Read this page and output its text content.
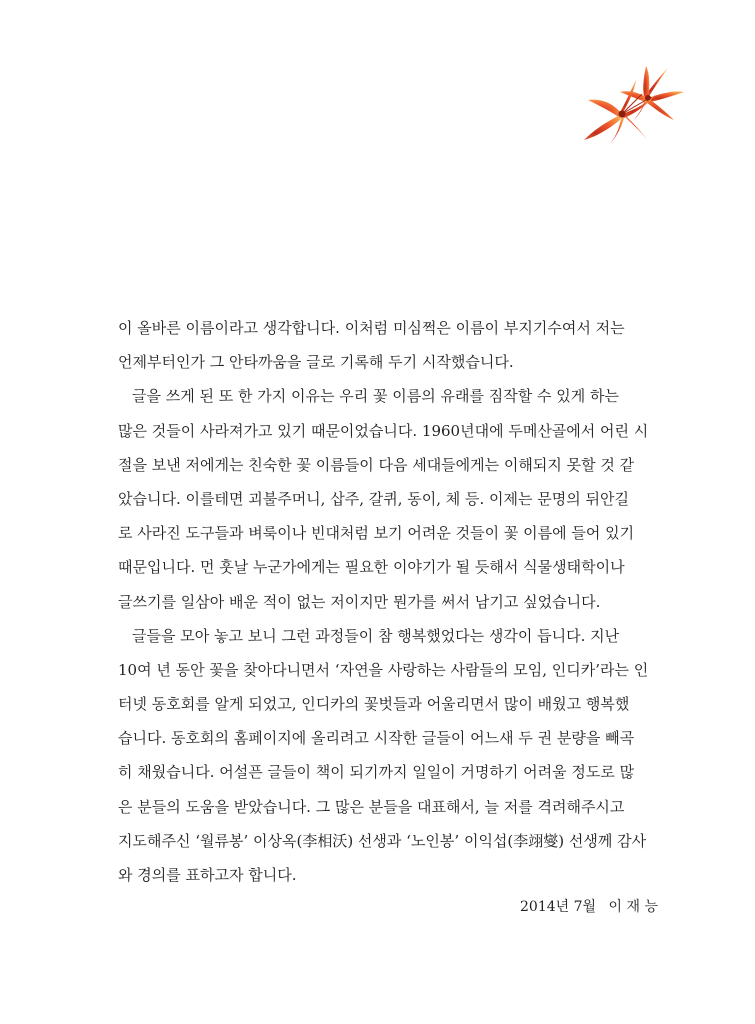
이 올바른 이름이라고 생각합니다. 이처럼 미심쩍은 이름이 부지기수여서 저는
언제부터인가 그 안타까움을 글로 기록해 두기 시작했습니다.
글을 쓰게 된 또 한 가지 이유는 우리 꽃 이름의 유래를 짐작할 수 있게 하는
많은 것들이 사라져가고 있기 때문이었습니다. 1960년대에 두메산골에서 어린 시
절을 보낸 저에게는 친숙한 꽃 이름들이 다음 세대들에게는 이해되지 못할 것 같
았습니다. 이를테면 괴불주머니, 삽주, 갈퀴, 동이, 체 등. 이제는 문명의 뒤안길
로 사라진 도구들과 벼룩이나 빈대처럼 보기 어려운 것들이 꽃 이름에 들어 있기
때문입니다. 먼 훗날 누군가에게는 필요한 이야기가 될 듯해서 식물생태학이나
글쓰기를 일삼아 배운 적이 없는 저이지만 뭔가를 써서 남기고 싶었습니다.
글들을 모아 놓고 보니 그런 과정들이 참 행복했었다는 생각이 듭니다. 지난
10여 년 동안 꽃을 찾아다니면서 ‘자연을 사랑하는 사람들의 모임, 인디카’라는 인
터넷 동호회를 알게 되었고, 인디카의 꽃벗들과 어울리면서 많이 배웠고 행복했
습니다. 동호회의 홈페이지에 올리려고 시작한 글들이 어느새 두 권 분량을 빼곡
히 채웠습니다. 어설픈 글들이 책이 되기까지 일일이 거명하기 어려울 정도로 많
은 분들의 도움을 받았습니다. 그 많은 분들을 대표해서, 늘 저를 격려해주시고
지도해주신 ‘월류봉’ 이상옥(李相沃) 선생과 ‘노인봉’ 이익섭(李翊燮) 선생께 감사
와 경의를 표하고자 합니다.
2014년 7월 이 재 능
